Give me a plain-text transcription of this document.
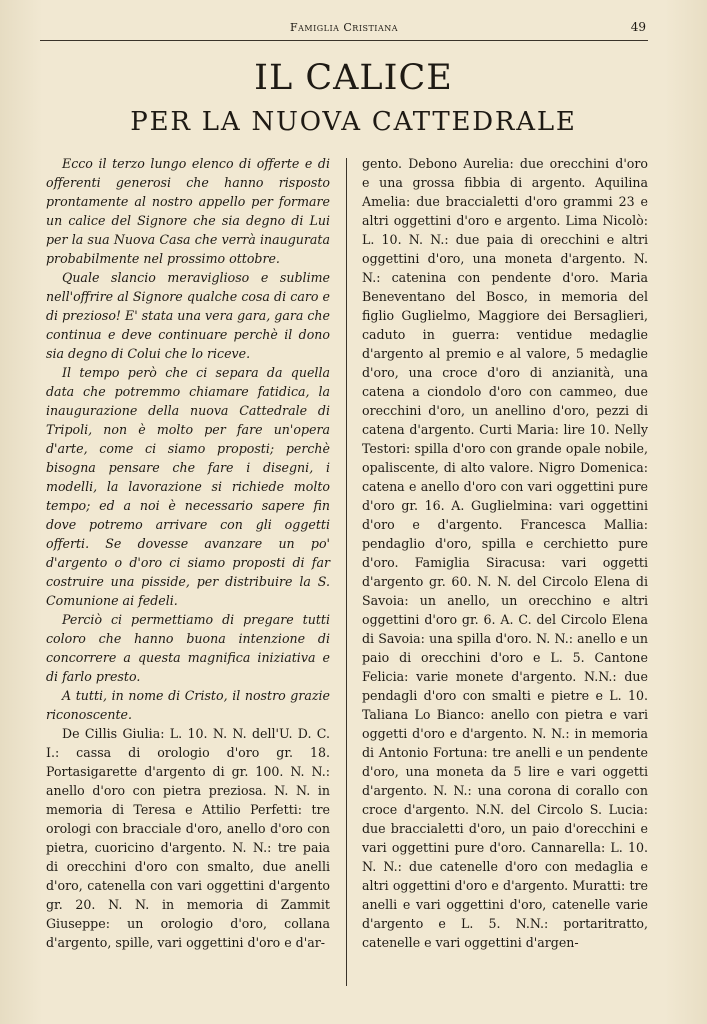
Famiglia Cristiana	49
IL CALICE
PER LA NUOVA CATTEDRALE

Ecco il terzo lungo elenco di offerte e di offerenti generosi che hanno risposto prontamente al nostro appello per formare un calice del Signore che sia degno di Lui per la sua Nuova Casa che verrà inaugurata probabilmente nel prossimo ottobre.

Quale slancio meraviglioso e sublime nell'offrire al Signore qualche cosa di caro e di prezioso! E' stata una vera gara, gara che continua e deve continuare perchè il dono sia degno di Colui che lo riceve.

Il tempo però che ci separa da quella data che potremmo chiamare fatidica, la inaugurazione della nuova Cattedrale di Tripoli, non è molto per fare un'opera d'arte, come ci siamo proposti; perchè bisogna pensare che fare i disegni, i modelli, la lavorazione si richiede molto tempo; ed a noi è necessario sapere fin dove potremo arrivare con gli oggetti offerti. Se dovesse avanzare un po' d'argento o d'oro ci siamo proposti di far costruire una pisside, per distribuire la S. Comunione ai fedeli.

Perciò ci permettiamo di pregare tutti coloro che hanno buona intenzione di concorrere a questa magnifica iniziativa e di farlo presto.

A tutti, in nome di Cristo, il nostro grazie riconoscente.

De Cillis Giulia: L. 10. N. N. dell'U. D. C. I.: cassa di orologio d'oro gr. 18. Portasigarette d'argento di gr. 100. N. N.: anello d'oro con pietra preziosa. N. N. in memoria di Teresa e Attilio Perfetti: tre orologi con bracciale d'oro, anello d'oro con pietra, cuoricino d'argento. N. N.: tre paia di orecchini d'oro con smalto, due anelli d'oro, catenella con vari oggettini d'argento gr. 20. N. N. in memoria di Zammit Giuseppe: un orologio d'oro, collana d'argento, spille, vari oggettini d'oro e d'ar-

gento. Debono Aurelia: due orecchini d'oro e una grossa fibbia di argento. Aquilina Amelia: due braccialetti d'oro grammi 23 e altri oggettini d'oro e argento. Lima Nicolò: L. 10. N. N.: due paia di orecchini e altri oggettini d'oro, una moneta d'argento. N. N.: catenina con pendente d'oro. Maria Beneventano del Bosco, in memoria del figlio Guglielmo, Maggiore dei Bersaglieri, caduto in guerra: ventidue medaglie d'argento al premio e al valore, 5 medaglie d'oro, una croce d'oro di anzianità, una catena a ciondolo d'oro con cammeo, due orecchini d'oro, un anellino d'oro, pezzi di catena d'argento. Curti Maria: lire 10. Nelly Testori: spilla d'oro con grande opale nobile, opaliscente, di alto valore. Nigro Domenica: catena e anello d'oro con vari oggettini pure d'oro gr. 16. A. Guglielmina: vari oggettini d'oro e d'argento. Francesca Mallia: pendaglio d'oro, spilla e cerchietto pure d'oro. Famiglia Siracusa: vari oggetti d'argento gr. 60. N. N. del Circolo Elena di Savoia: un anello, un orecchino e altri oggettini d'oro gr. 6. A. C. del Circolo Elena di Savoia: una spilla d'oro. N. N.: anello e un paio di orecchini d'oro e L. 5. Cantone Felicia: varie monete d'argento. N.N.: due pendagli d'oro con smalti e pietre e L. 10. Taliana Lo Bianco: anello con pietra e vari oggetti d'oro e d'argento. N. N.: in memoria di Antonio Fortuna: tre anelli e un pendente d'oro, una moneta da 5 lire e vari oggetti d'argento. N. N.: una corona di corallo con croce d'argento. N.N. del Circolo S. Lucia: due braccialetti d'oro, un paio d'orecchini e vari oggettini pure d'oro. Cannarella: L. 10. N. N.: due catenelle d'oro con medaglia e altri oggettini d'oro e d'argento. Muratti: tre anelli e vari oggettini d'oro, catenelle varie d'argento e L. 5. N.N.: portaritratto, catenelle e vari oggettini d'argen-
